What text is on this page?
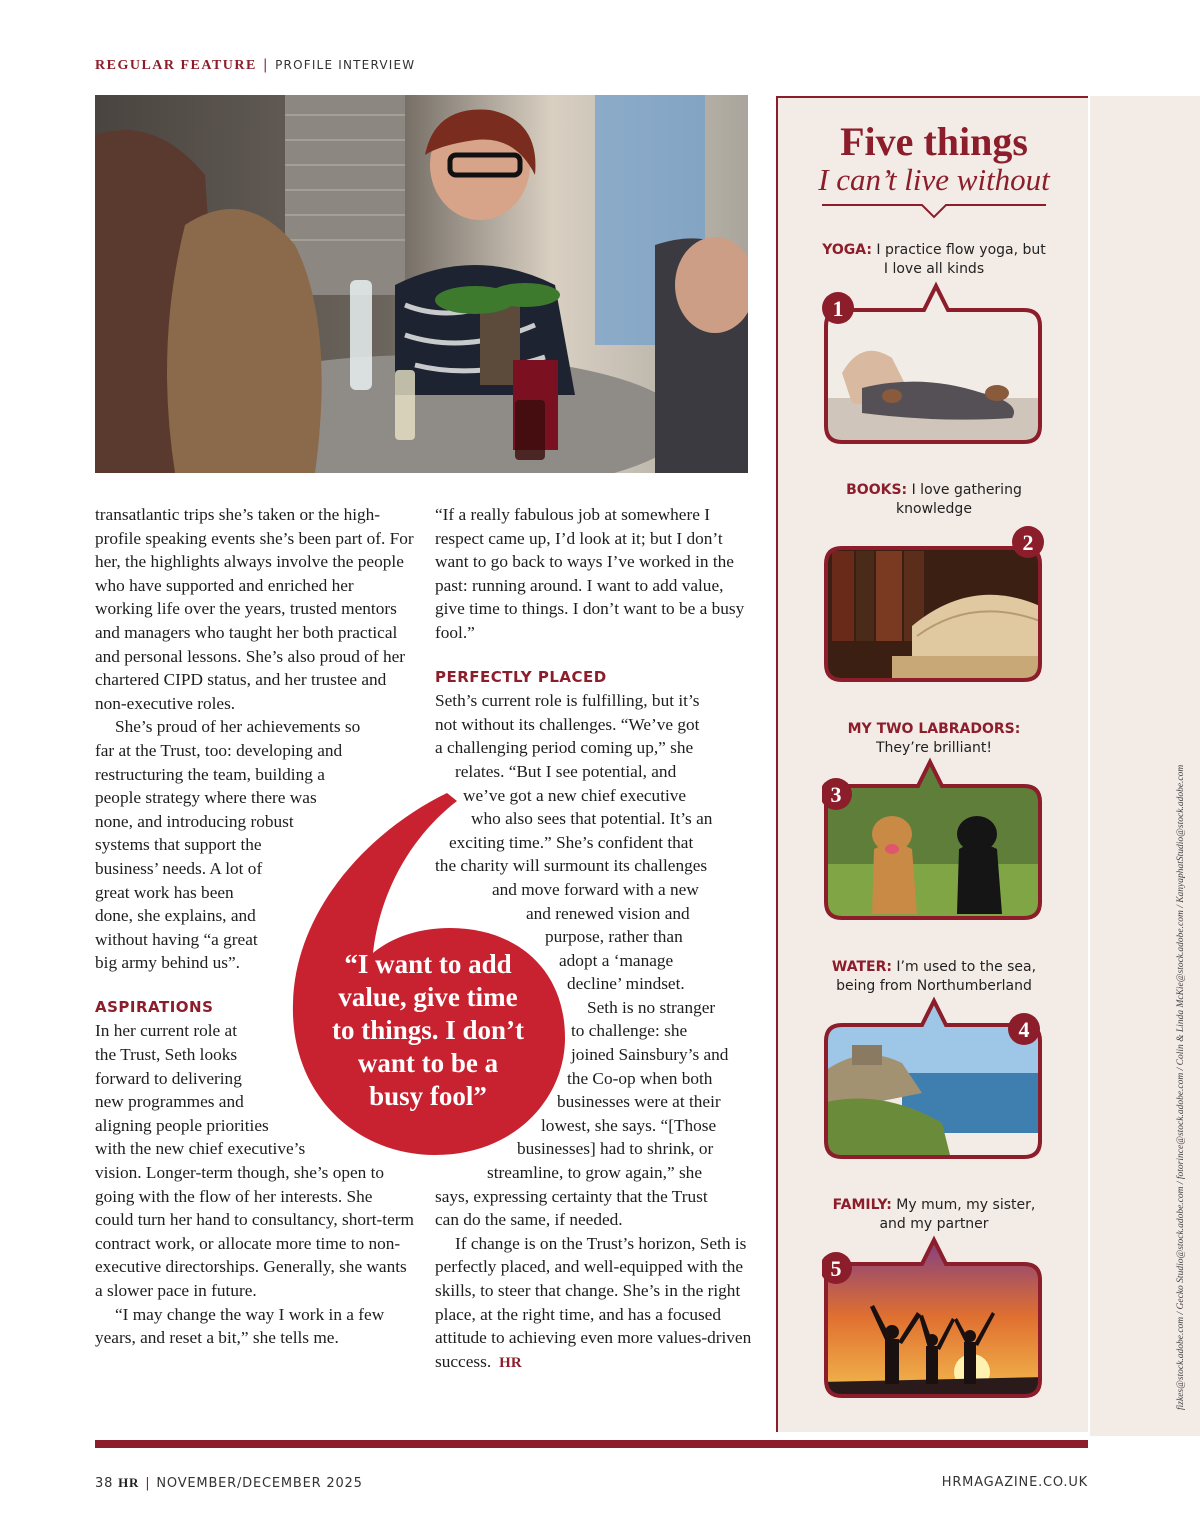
REGULAR FEATURE | PROFILE INTERVIEW

transatlantic trips she’s taken or the high-profile speaking events she’s been part of. For her, the highlights always involve the people who have supported and enriched her working life over the years, trusted mentors and managers who taught her both practical and personal lessons. She’s also proud of her chartered CIPD status, and her trustee and non-executive roles.

She’s proud of her achievements so

far at the Trust, too: developing and

restructuring the team, building a

people strategy where there was

none, and introducing robust

systems that support the

business’ needs. A lot of

great work has been

done, she explains, and

without having “a great

big army behind us”.

ASPIRATIONS

In her current role at

the Trust, Seth looks

forward to delivering

new programmes and

aligning people priorities

with the new chief executive’s

vision. Longer-term though, she’s open to going with the flow of her interests. She could turn her hand to consultancy, short-term contract work, or allocate more time to non-executive directorships. Generally, she wants a slower pace in future.

“I may change the way I work in a few years, and reset a bit,” she tells me.

“If a really fabulous job at somewhere I respect came up, I’d look at it; but I don’t want to go back to ways I’ve worked in the past: running around. I want to add value, give time to things. I don’t want to be a busy fool.”

PERFECTLY PLACED

Seth’s current role is fulfilling, but it’s

not without its challenges. “We’ve got

a challenging period coming up,” she

relates. “But I see potential, and

we’ve got a new chief executive

who also sees that potential. It’s an

exciting time.” She’s confident that

the charity will surmount its challenges

and move forward with a new

and renewed vision and

purpose, rather than

adopt a ‘manage

decline’ mindset.

Seth is no stranger

to challenge: she

joined Sainsbury’s and

the Co-op when both

businesses were at their

lowest, she says. “[Those

businesses] had to shrink, or

streamline, to grow again,” she

says, expressing certainty that the Trust

can do the same, if needed.

If change is on the Trust’s horizon, Seth is perfectly placed, and well-equipped with the skills, to steer that change. She’s in the right place, at the right time, and has a focused attitude to achieving even more values-driven success. HR

“I want to add
value, give time
to things. I don’t
want to be a
busy fool”
Five things
I can’t live without
YOGA: I practice flow yoga, but
I love all kinds
1
BOOKS: I love gathering
knowledge
2
MY TWO LABRADORS:
They’re brilliant!
3
WATER: I’m used to the sea,
being from Northumberland
4
FAMILY: My mum, my sister,
and my partner
5	fizkes@stock.adobe.com / Gecko Studio@stock.adobe.com / fotorince@stock.adobe.com / Colin & Linda McKie@stock.adobe.com / KanyaphatStudio@stock.adobe.com
38 HR | NOVEMBER/DECEMBER 2025	HRMAGAZINE.CO.UK
